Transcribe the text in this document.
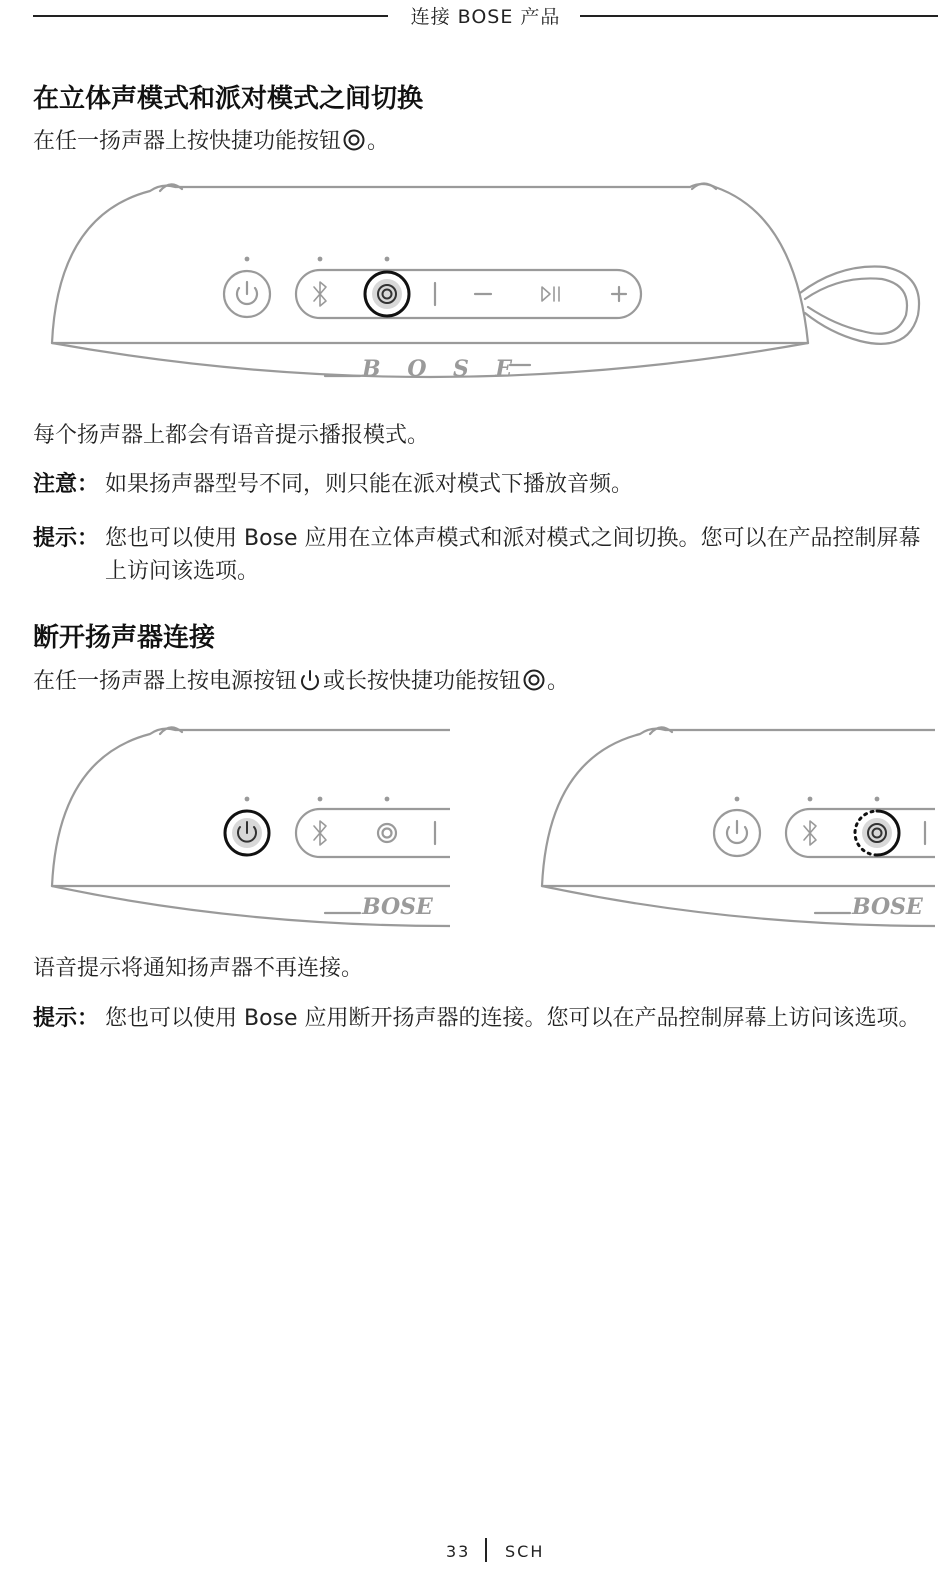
连接 BOSE 产品
在立体声模式和派对模式之间切换
在任一扬声器上按快捷功能按钮 。
BOSE
每个扬声器上都会有语音提示播报模式。
注意： 如果扬声器型号不同，则只能在派对模式下播放音频。
提示： 您也可以使用 Bose 应用在立体声模式和派对模式之间切换。您可以在产品控制屏幕上访问该选项。
断开扬声器连接
在任一扬声器上按电源按钮 或长按快捷功能按钮 。
BOSE	BOSE
语音提示将通知扬声器不再连接。
提示： 您也可以使用 Bose 应用断开扬声器的连接。您可以在产品控制屏幕上访问该选项。
33 SCH
